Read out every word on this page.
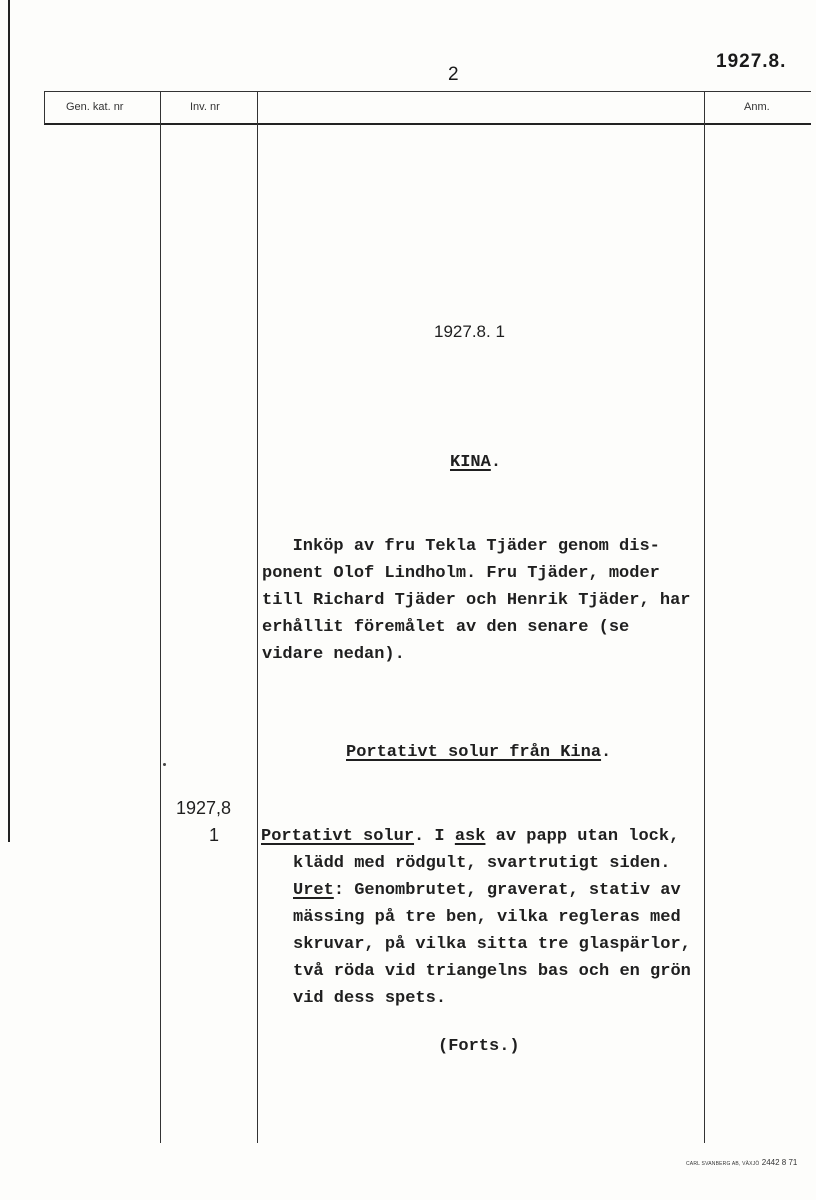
2
1927.8.
Gen. kat. nr	Inv. nr	Anm.
1927.8. 1
KINA.
Inköp av fru Tekla Tjäder genom dis-
ponent Olof Lindholm. Fru Tjäder, moder
till Richard Tjäder och Henrik Tjäder, har
erhållit föremålet av den senare (se
vidare nedan).
Portativt solur från Kina.
1927,8
1 Portativt solur. I ask av papp utan lock,
klädd med rödgult, svartrutigt siden.
Uret: Genombrutet, graverat, stativ av
mässing på tre ben, vilka regleras med
skruvar, på vilka sitta tre glaspärlor,
två röda vid triangelns bas och en grön
vid dess spets.
(Forts.)
CARL SVANBERG AB, VÄXJÖ 2442 8 71
